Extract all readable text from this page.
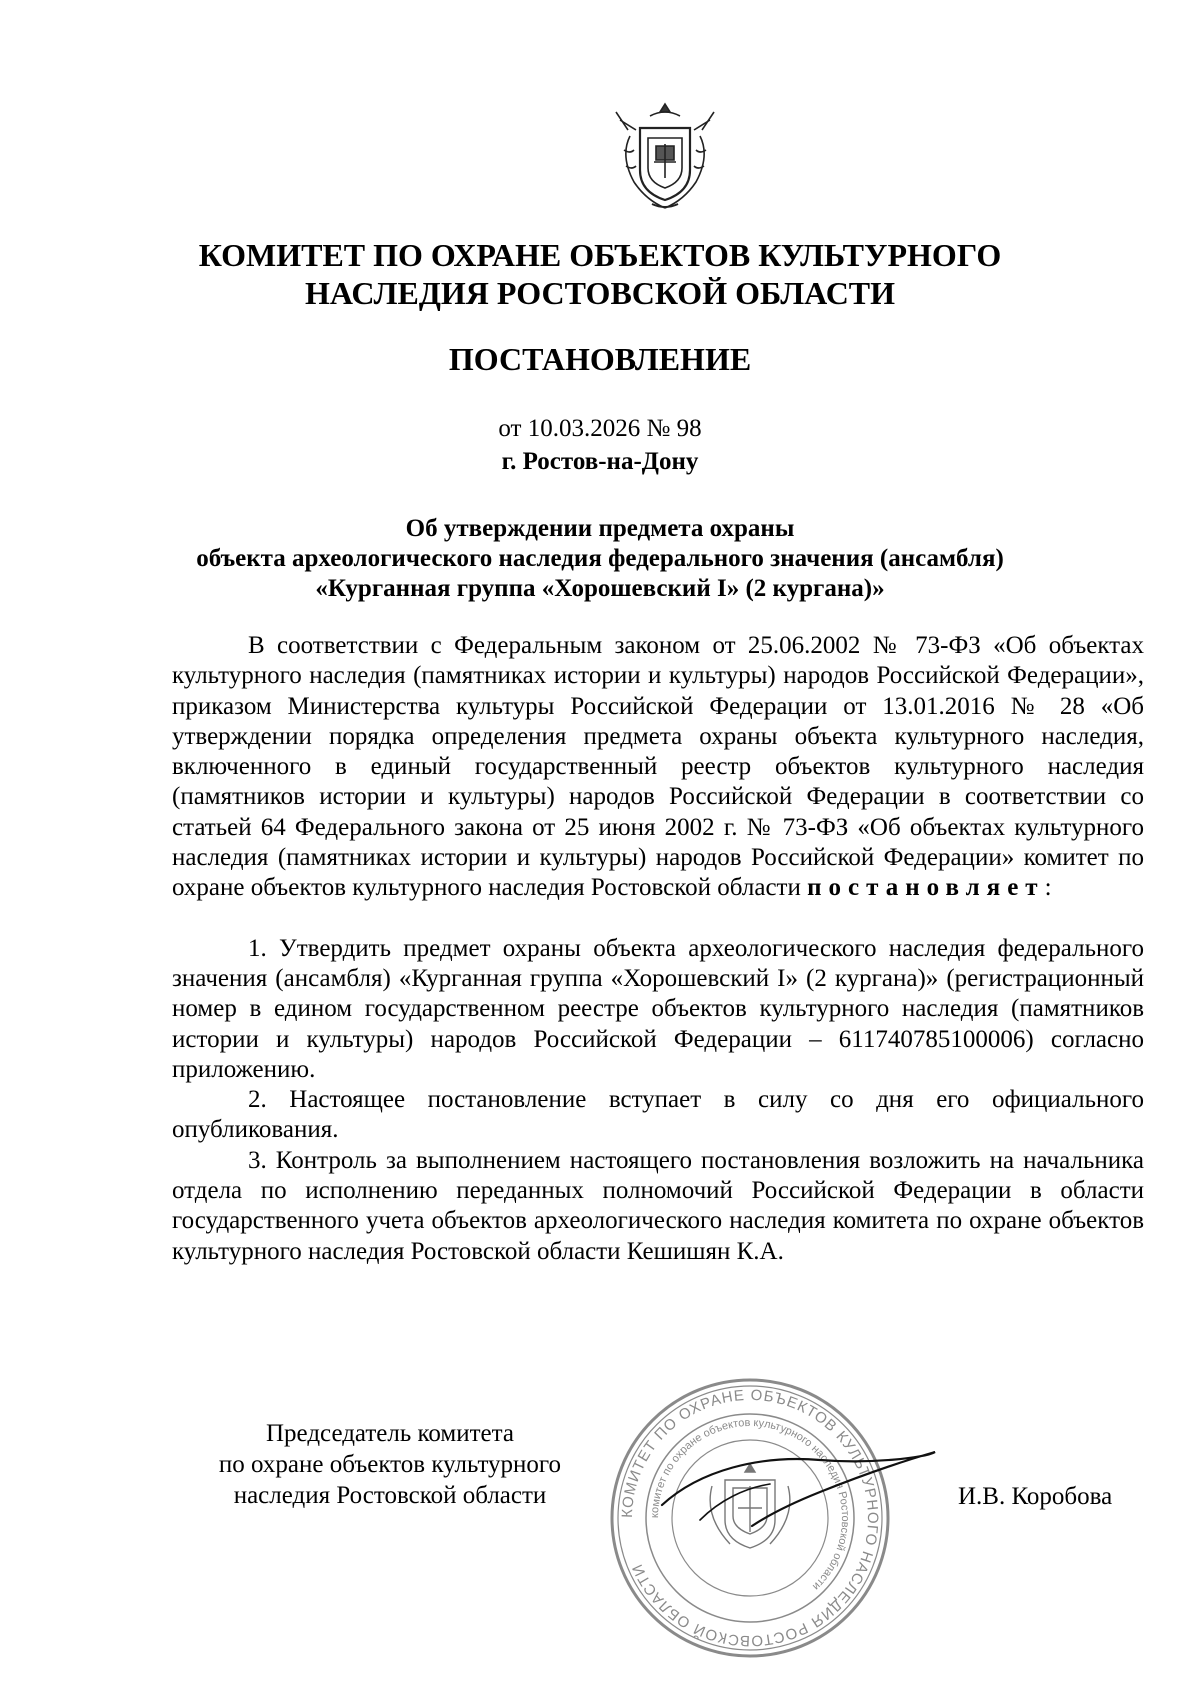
КОМИТЕТ ПО ОХРАНЕ ОБЪЕКТОВ КУЛЬТУРНОГО
НАСЛЕДИЯ РОСТОВСКОЙ ОБЛАСТИ
ПОСТАНОВЛЕНИЕ
от 10.03.2026 № 98
г. Ростов-на-Дону
Об утверждении предмета охраны
объекта археологического наследия федерального значения (ансамбля)
«Курганная группа «Хорошевский I» (2 кургана)»

В соответствии с Федеральным законом от 25.06.2002 № 73-ФЗ «Об объектах культурного наследия (памятниках истории и культуры) народов Российской Федерации», приказом Министерства культуры Российской Федерации от 13.01.2016 № 28 «Об утверждении порядка определения предмета охраны объекта культурного наследия, включенного в единый государственный реестр объектов культурного наследия (памятников истории и культуры) народов Российской Федерации в соответствии со статьей 64 Федерального закона от 25 июня 2002 г. № 73-ФЗ «Об объектах культурного наследия (памятниках истории и культуры) народов Российской Федерации» комитет по охране объектов культурного наследия Ростовской области постановляет:

1. Утвердить предмет охраны объекта археологического наследия федерального значения (ансамбля) «Курганная группа «Хорошевский I» (2 кургана)» (регистрационный номер в едином государственном реестре объектов культурного наследия (памятников истории и культуры) народов Российской Федерации – 611740785100006) согласно приложению.

2. Настоящее постановление вступает в силу со дня его официального опубликования.

3. Контроль за выполнением настоящего постановления возложить на начальника отдела по исполнению переданных полномочий Российской Федерации в области государственного учета объектов археологического наследия комитета по охране объектов культурного наследия Ростовской области Кешишян К.А.

Председатель комитета
по охране объектов культурного
наследия Ростовской области
КОМИТЕТ ПО ОХРАНЕ ОБЪЕКТОВ КУЛЬТУРНОГО НАСЛЕДИЯ РОСТОВСКОЙ ОБЛАСТИ
комитет по охране объектов культурного наследия Ростовской области
И.В. Коробова
